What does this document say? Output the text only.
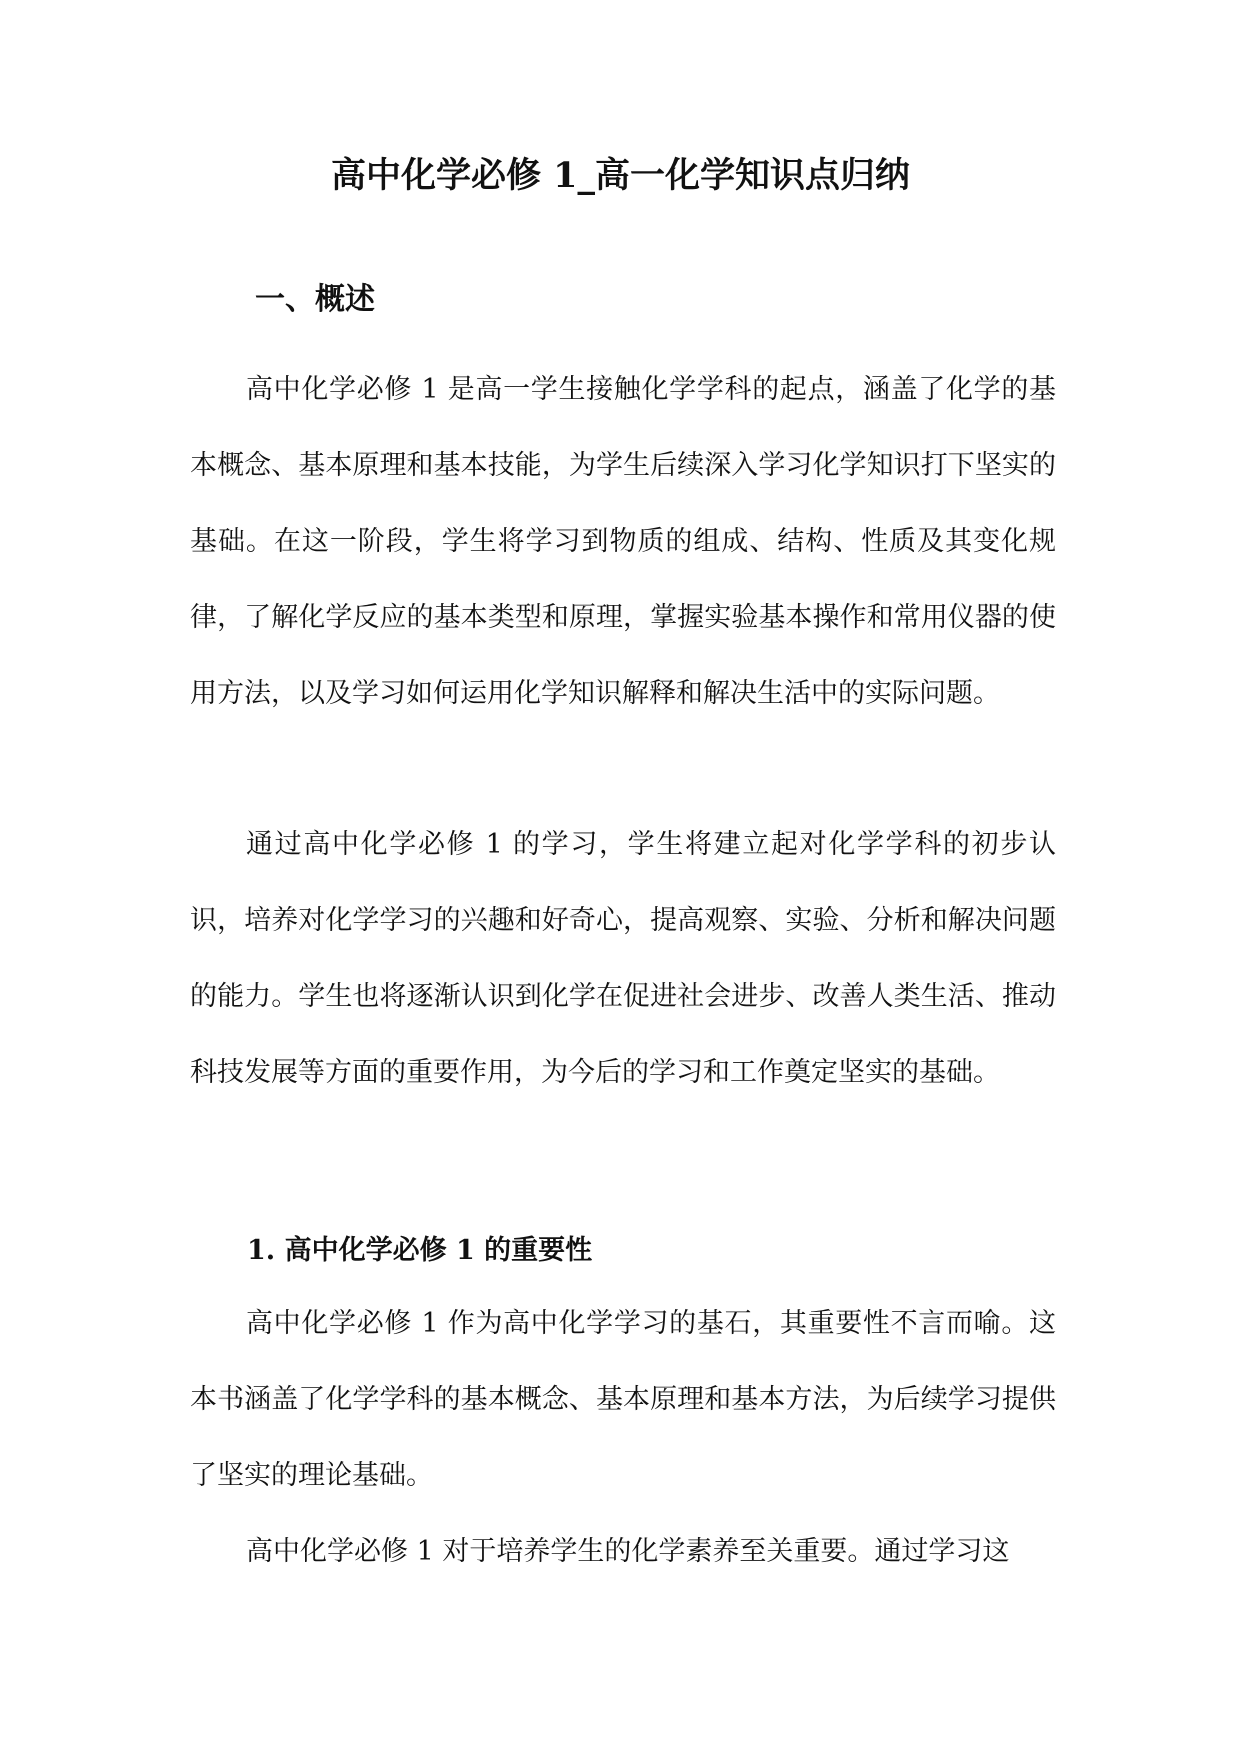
高中化学必修 1_高一化学知识点归纳
一、概述

高中化学必修 1 是高一学生接触化学学科的起点，涵盖了化学的基本概念、基本原理和基本技能，为学生后续深入学习化学知识打下坚实的基础。在这一阶段，学生将学习到物质的组成、结构、性质及其变化规律，了解化学反应的基本类型和原理，掌握实验基本操作和常用仪器的使用方法，以及学习如何运用化学知识解释和解决生活中的实际问题。

通过高中化学必修 1 的学习，学生将建立起对化学学科的初步认识，培养对化学学习的兴趣和好奇心，提高观察、实验、分析和解决问题的能力。学生也将逐渐认识到化学在促进社会进步、改善人类生活、推动科技发展等方面的重要作用，为今后的学习和工作奠定坚实的基础。

1. 高中化学必修 1 的重要性

高中化学必修 1 作为高中化学学习的基石，其重要性不言而喻。这本书涵盖了化学学科的基本概念、基本原理和基本方法，为后续学习提供了坚实的理论基础。

高中化学必修 1 对于培养学生的化学素养至关重要。通过学习这
